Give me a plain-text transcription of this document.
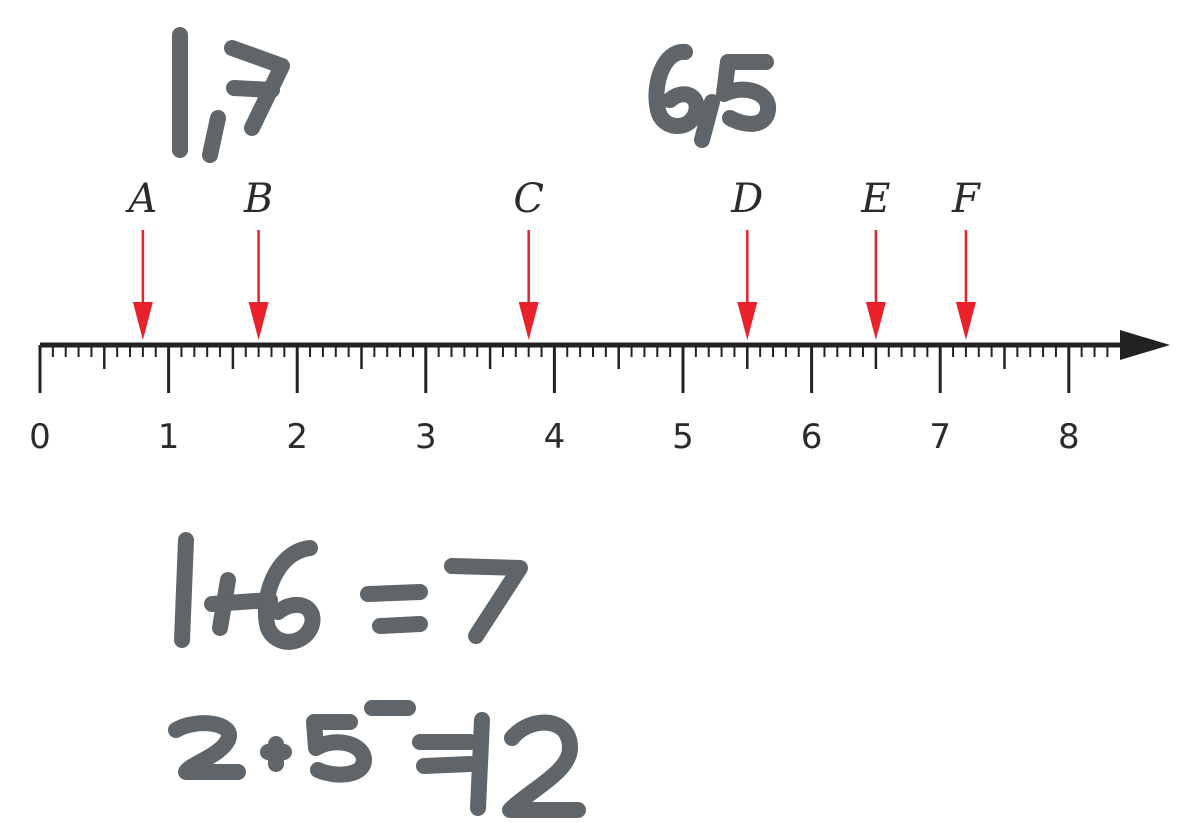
0	1	2	3	4	5	6	7	8
A B	C	D E F
